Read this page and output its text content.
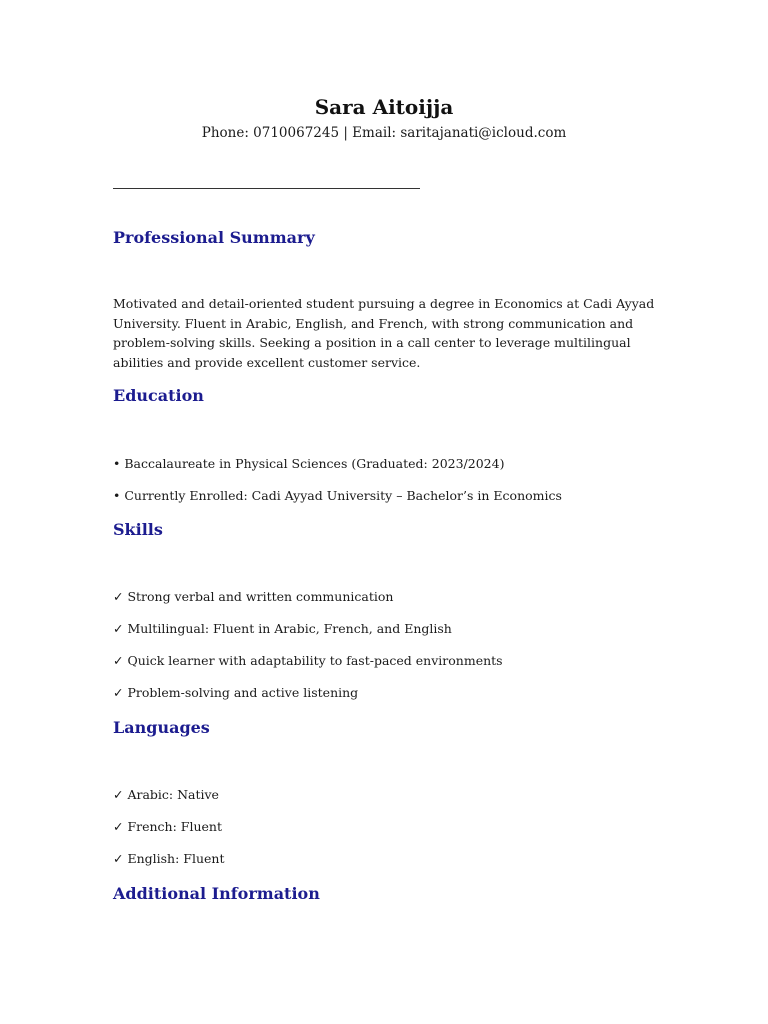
Sara Aitoijja
Phone: 0710067245 | Email: saritajanati@icloud.com
Professional Summary
Motivated and detail-oriented student pursuing a degree in Economics at Cadi Ayyad University. Fluent in Arabic, English, and French, with strong communication and problem-solving skills. Seeking a position in a call center to leverage multilingual abilities and provide excellent customer service.
Education
• Baccalaureate in Physical Sciences (Graduated: 2023/2024)
• Currently Enrolled: Cadi Ayyad University – Bachelor’s in Economics
Skills
✓ Strong verbal and written communication
✓ Multilingual: Fluent in Arabic, French, and English
✓ Quick learner with adaptability to fast-paced environments
✓ Problem-solving and active listening
Languages
✓ Arabic: Native
✓ French: Fluent
✓ English: Fluent
Additional Information
